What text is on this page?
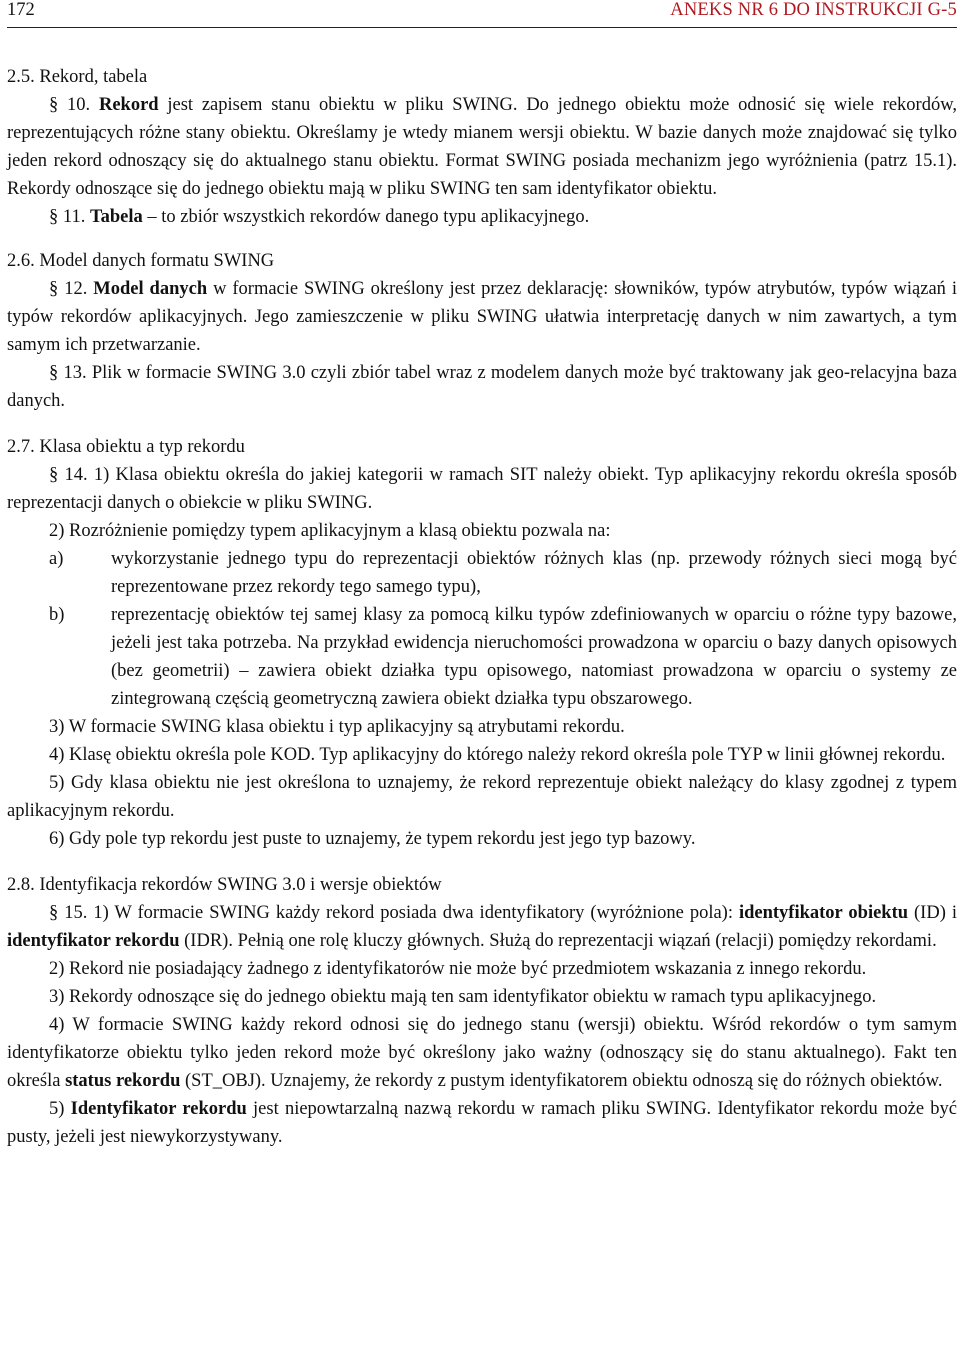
172	ANEKS NR 6 DO INSTRUKCJI G-5

2.5. Rekord, tabela

§ 10. Rekord jest zapisem stanu obiektu w pliku SWING. Do jednego obiektu może odnosić się wiele rekordów, reprezentujących różne stany obiektu. Określamy je wtedy mianem wersji obiektu. W bazie danych może znajdować się tylko jeden rekord odnoszący się do aktualnego stanu obiektu. Format SWING posiada mechanizm jego wyróżnienia (patrz 15.1). Rekordy odnoszące się do jednego obiektu mają w pliku SWING ten sam identyfikator obiektu.

§ 11. Tabela – to zbiór wszystkich rekordów danego typu aplikacyjnego.

2.6. Model danych formatu SWING

§ 12. Model danych w formacie SWING określony jest przez deklarację: słowników, typów atrybutów, typów wiązań i typów rekordów aplikacyjnych. Jego zamieszczenie w pliku SWING ułatwia interpretację danych w nim zawartych, a tym samym ich przetwarzanie.

§ 13. Plik w formacie SWING 3.0 czyli zbiór tabel wraz z modelem danych może być traktowany jak geo-relacyjna baza danych.

2.7. Klasa obiektu a typ rekordu

§ 14. 1) Klasa obiektu określa do jakiej kategorii w ramach SIT należy obiekt. Typ aplikacyjny rekordu określa sposób reprezentacji danych o obiekcie w pliku SWING.

2) Rozróżnienie pomiędzy typem aplikacyjnym a klasą obiektu pozwala na:

a)	wykorzystanie jednego typu do reprezentacji obiektów różnych klas (np. przewody różnych sieci mogą być reprezentowane przez rekordy tego samego typu),
b)	reprezentację obiektów tej samej klasy za pomocą kilku typów zdefiniowanych w oparciu o różne typy bazowe, jeżeli jest taka potrzeba. Na przykład ewidencja nieruchomości prowadzona w oparciu o bazy danych opisowych (bez geometrii) – zawiera obiekt działka typu opisowego, natomiast prowadzona w oparciu o systemy ze zintegrowaną częścią geometryczną zawiera obiekt działka typu obszarowego.

3) W formacie SWING klasa obiektu i typ aplikacyjny są atrybutami rekordu.

4) Klasę obiektu określa pole KOD. Typ aplikacyjny do którego należy rekord określa pole TYP w linii głównej rekordu.

5) Gdy klasa obiektu nie jest określona to uznajemy, że rekord reprezentuje obiekt należący do klasy zgodnej z typem aplikacyjnym rekordu.

6) Gdy pole typ rekordu jest puste to uznajemy, że typem rekordu jest jego typ bazowy.

2.8. Identyfikacja rekordów SWING 3.0 i wersje obiektów

§ 15. 1) W formacie SWING każdy rekord posiada dwa identyfikatory (wyróżnione pola): identyfikator obiektu (ID) i identyfikator rekordu (IDR). Pełnią one rolę kluczy głównych. Służą do reprezentacji wiązań (relacji) pomiędzy rekordami.

2) Rekord nie posiadający żadnego z identyfikatorów nie może być przedmiotem wskazania z innego rekordu.

3) Rekordy odnoszące się do jednego obiektu mają ten sam identyfikator obiektu w ramach typu aplikacyjnego.

4) W formacie SWING każdy rekord odnosi się do jednego stanu (wersji) obiektu. Wśród rekordów o tym samym identyfikatorze obiektu tylko jeden rekord może być określony jako ważny (odnoszący się do stanu aktualnego). Fakt ten określa status rekordu (ST_OBJ). Uznajemy, że rekordy z pustym identyfikatorem obiektu odnoszą się do różnych obiektów.

5) Identyfikator rekordu jest niepowtarzalną nazwą rekordu w ramach pliku SWING. Identyfikator rekordu może być pusty, jeżeli jest niewykorzystywany.
